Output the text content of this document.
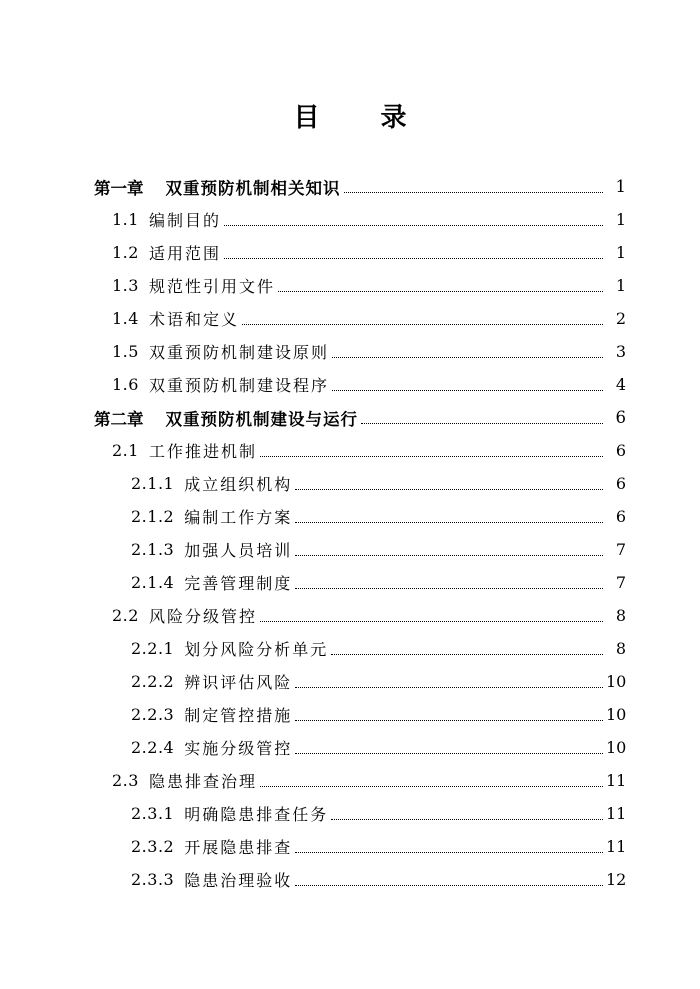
目 录
第一章 双重预防机制相关知识	1
1.1 编制目的	1
1.2 适用范围	1
1.3 规范性引用文件	1
1.4 术语和定义	2
1.5 双重预防机制建设原则	3
1.6 双重预防机制建设程序	4
第二章 双重预防机制建设与运行	6
2.1 工作推进机制	6
2.1.1 成立组织机构	6
2.1.2 编制工作方案	6
2.1.3 加强人员培训	7
2.1.4 完善管理制度	7
2.2 风险分级管控	8
2.2.1 划分风险分析单元	8
2.2.2 辨识评估风险	10
2.2.3 制定管控措施	10
2.2.4 实施分级管控	10
2.3 隐患排查治理	11
2.3.1 明确隐患排查任务	11
2.3.2 开展隐患排查	11
2.3.3 隐患治理验收	12
